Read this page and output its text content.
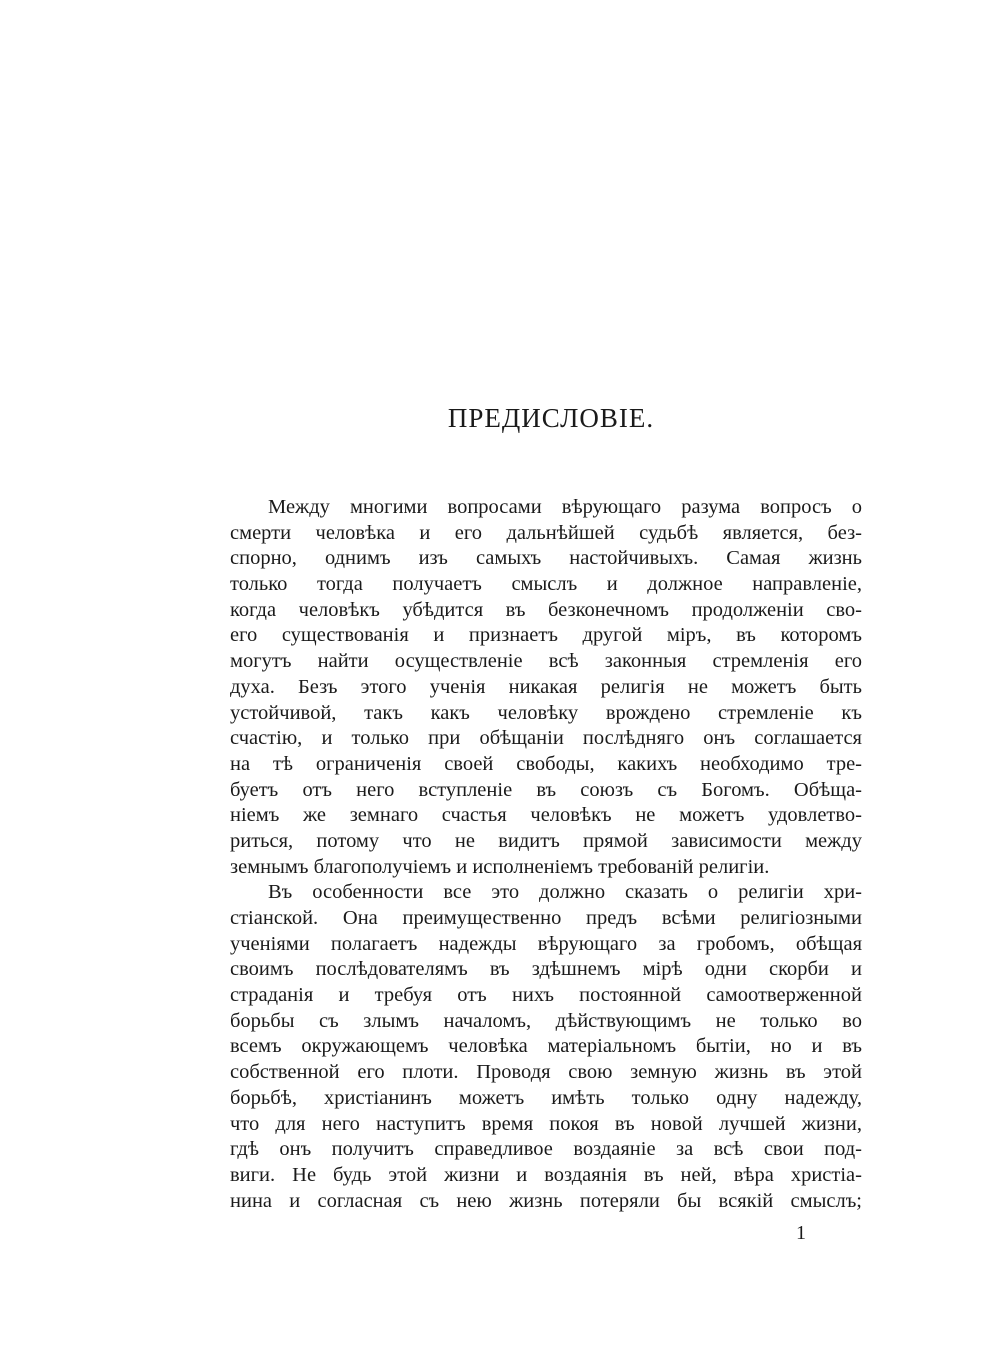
ПРЕДИСЛОВІЕ.

Между многими вопросами вѣрующаго разума вопросъ о
смерти человѣка и его дальнѣйшей судьбѣ является, без-
спорно, однимъ изъ самыхъ настойчивыхъ. Самая жизнь
только тогда получаетъ смыслъ и должное направленіе,
когда человѣкъ убѣдится въ безконечномъ продолженіи сво-
его существованія и признаетъ другой міръ, въ которомъ
могутъ найти осуществленіе всѣ законныя стремленія его
духа. Безъ этого ученія никакая религія не можетъ быть
устойчивой, такъ какъ человѣку врождено стремленіе къ
счастію, и только при обѣщаніи послѣдняго онъ соглашается
на тѣ ограниченія своей свободы, какихъ необходимо тре-
буетъ отъ него вступленіе въ союзъ съ Богомъ. Обѣща-
ніемъ же земнаго счастья человѣкъ не можетъ удовлетво-
риться, потому что не видитъ прямой зависимости между
земнымъ благополучіемъ и исполненіемъ требованій религіи.

Въ особенности все это должно сказать о религіи хри-
стіанской. Она преимущественно предъ всѣми религіозными
ученіями полагаетъ надежды вѣрующаго за гробомъ, обѣщая
своимъ послѣдователямъ въ здѣшнемъ мірѣ одни скорби и
страданія и требуя отъ нихъ постоянной самоотверженной
борьбы съ злымъ началомъ, дѣйствующимъ не только во
всемъ окружающемъ человѣка матеріальномъ бытіи, но и въ
собственной его плоти. Проводя свою земную жизнь въ этой
борьбѣ, христіанинъ можетъ имѣть только одну надежду,
что для него наступитъ время покоя въ новой лучшей жизни,
гдѣ онъ получитъ справедливое воздаяніе за всѣ свои под-
виги. Не будь этой жизни и воздаянія въ ней, вѣра христіа-
нина и согласная съ нею жизнь потеряли бы всякій смыслъ;

1
